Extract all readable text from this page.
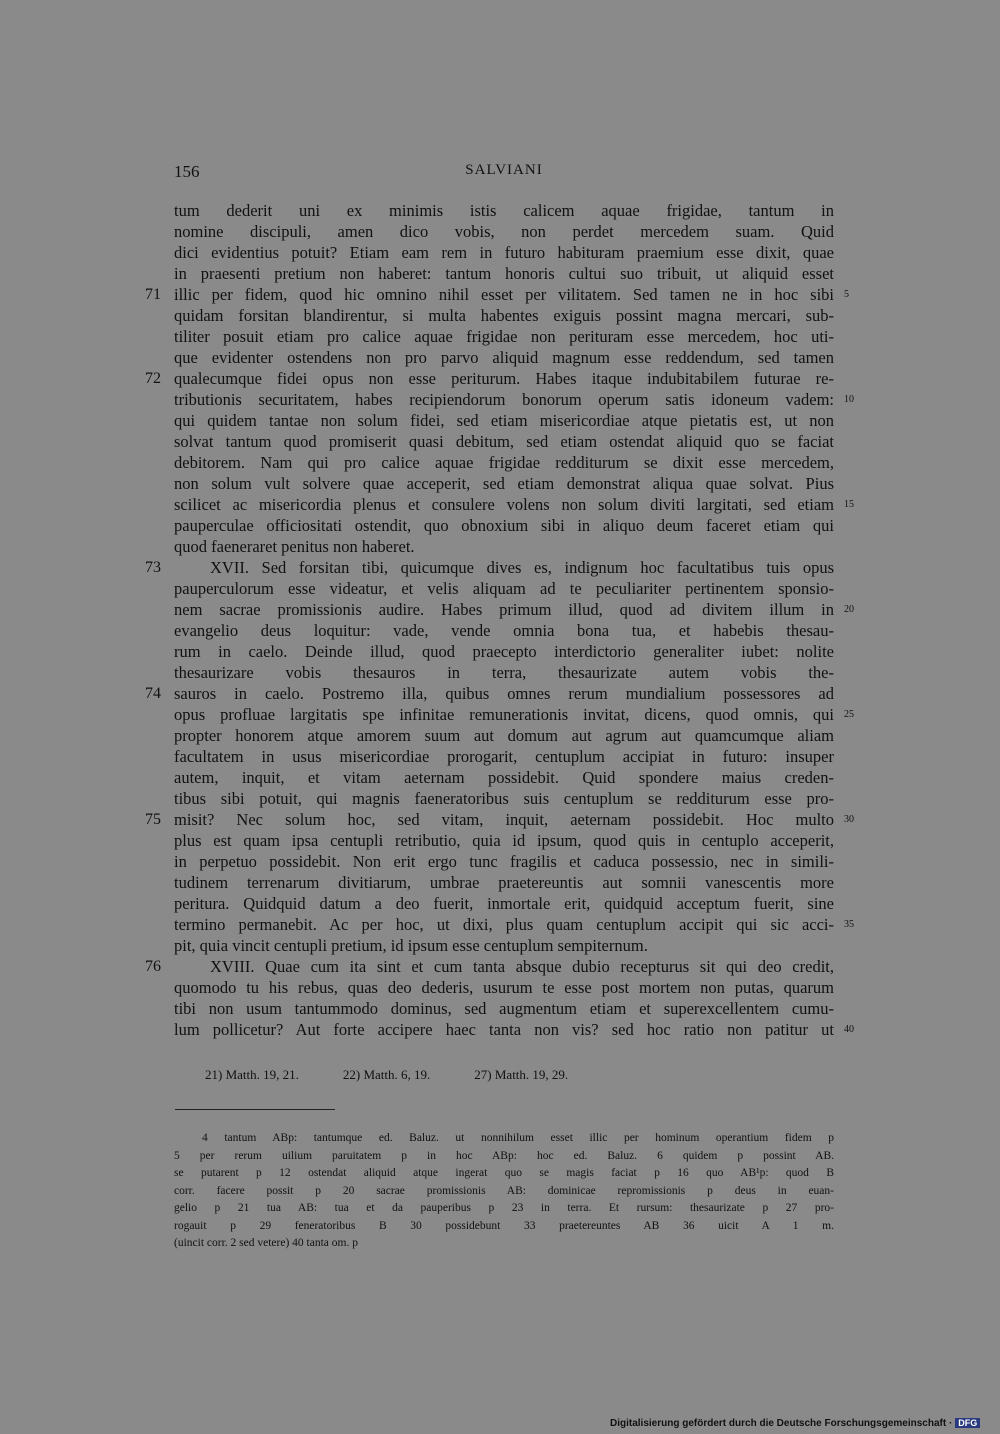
156	SALVIANI
tum dederit uni ex minimis istis calicem aquae frigidae, tantum in
nomine discipuli, amen dico vobis, non perdet mercedem suam. Quid
dici evidentius potuit? Etiam eam rem in futuro habituram praemium esse dixit, quae
in praesenti pretium non haberet: tantum honoris cultui suo tribuit, ut aliquid esset
illic per fidem, quod hic omnino nihil esset per vilitatem. Sed tamen ne in hoc sibi
71	5
quidam forsitan blandirentur, si multa habentes exiguis possint magna mercari, sub-
tiliter posuit etiam pro calice aquae frigidae non perituram esse mercedem, hoc uti-
que evidenter ostendens non pro parvo aliquid magnum esse reddendum, sed tamen
qualecumque fidei opus non esse periturum. Habes itaque indubitabilem futurae re-
72
tributionis securitatem, habes recipiendorum bonorum operum satis idoneum vadem: 10
qui quidem tantae non solum fidei, sed etiam misericordiae atque pietatis est, ut non
solvat tantum quod promiserit quasi debitum, sed etiam ostendat aliquid quo se faciat
debitorem. Nam qui pro calice aquae frigidae redditurum se dixit esse mercedem,
non solum vult solvere quae acceperit, sed etiam demonstrat aliqua quae solvat. Pius
scilicet ac misericordia plenus et consulere volens non solum diviti largitati, sed etiam 15
pauperculae officiositati ostendit, quo obnoxium sibi in aliquo deum faceret etiam qui
quod faeneraret penitus non haberet.
XVII. Sed forsitan tibi, quicumque dives es, indignum hoc facultatibus tuis opus
73
pauperculorum esse videatur, et velis aliquam ad te peculiariter pertinentem sponsio-
nem sacrae promissionis audire. Habes primum illud, quod ad divitem illum in 20
evangelio deus loquitur: vade, vende omnia bona tua, et habebis thesau-
rum in caelo. Deinde illud, quod praecepto interdictorio generaliter iubet: nolite
thesaurizare vobis thesauros in terra, thesaurizate autem vobis the-
sauros in caelo. Postremo illa, quibus omnes rerum mundialium possessores ad
74
opus profluae largitatis spe infinitae remunerationis invitat, dicens, quod omnis, qui 25
propter honorem atque amorem suum aut domum aut agrum aut quamcumque aliam
facultatem in usus misericordiae prorogarit, centuplum accipiat in futuro: insuper
autem, inquit, et vitam aeternam possidebit. Quid spondere maius creden-
tibus sibi potuit, qui magnis faeneratoribus suis centuplum se redditurum esse pro-
misit? Nec solum hoc, sed vitam, inquit, aeternam possidebit. Hoc multo
75	30
plus est quam ipsa centupli retributio, quia id ipsum, quod quis in centuplo acceperit,
in perpetuo possidebit. Non erit ergo tunc fragilis et caduca possessio, nec in simili-
tudinem terrenarum divitiarum, umbrae praetereuntis aut somnii vanescentis more
peritura. Quidquid datum a deo fuerit, inmortale erit, quidquid acceptum fuerit, sine
termino permanebit. Ac per hoc, ut dixi, plus quam centuplum accipit qui sic acci- 35
pit, quia vincit centupli pretium, id ipsum esse centuplum sempiternum.
XVIII. Quae cum ita sint et cum tanta absque dubio recepturus sit qui deo credit,
76
quomodo tu his rebus, quas deo dederis, usurum te esse post mortem non putas, quarum
tibi non usum tantummodo dominus, sed augmentum etiam et superexcellentem cumu-
lum pollicetur? Aut forte accipere haec tanta non vis? sed hoc ratio non patitur ut 40
21) Matth. 19, 21.	22) Matth. 6, 19.	27) Matth. 19, 29.
4 tantum ABp: tantumque ed. Baluz. ut nonnihilum esset illic per hominum operantium fidem p
5 per rerum uilium paruitatem p in hoc ABp: hoc ed. Baluz. 6 quidem p possint AB.
se putarent p 12 ostendat aliquid atque ingerat quo se magis faciat p 16 quo AB¹p: quod B
corr. facere possit p 20 sacrae promissionis AB: dominicae repromissionis p deus in euan-
gelio p 21 tua AB: tua et da pauperibus p 23 in terra. Et rursum: thesaurizate p 27 pro-
rogauit p 29 feneratoribus B 30 possidebunt 33 praetereuntes AB 36 uicit A 1 m.
(uincit corr. 2 sed vetere) 40 tanta om. p
Digitalisierung gefördert durch die Deutsche Forschungsgemeinschaft · DFG
